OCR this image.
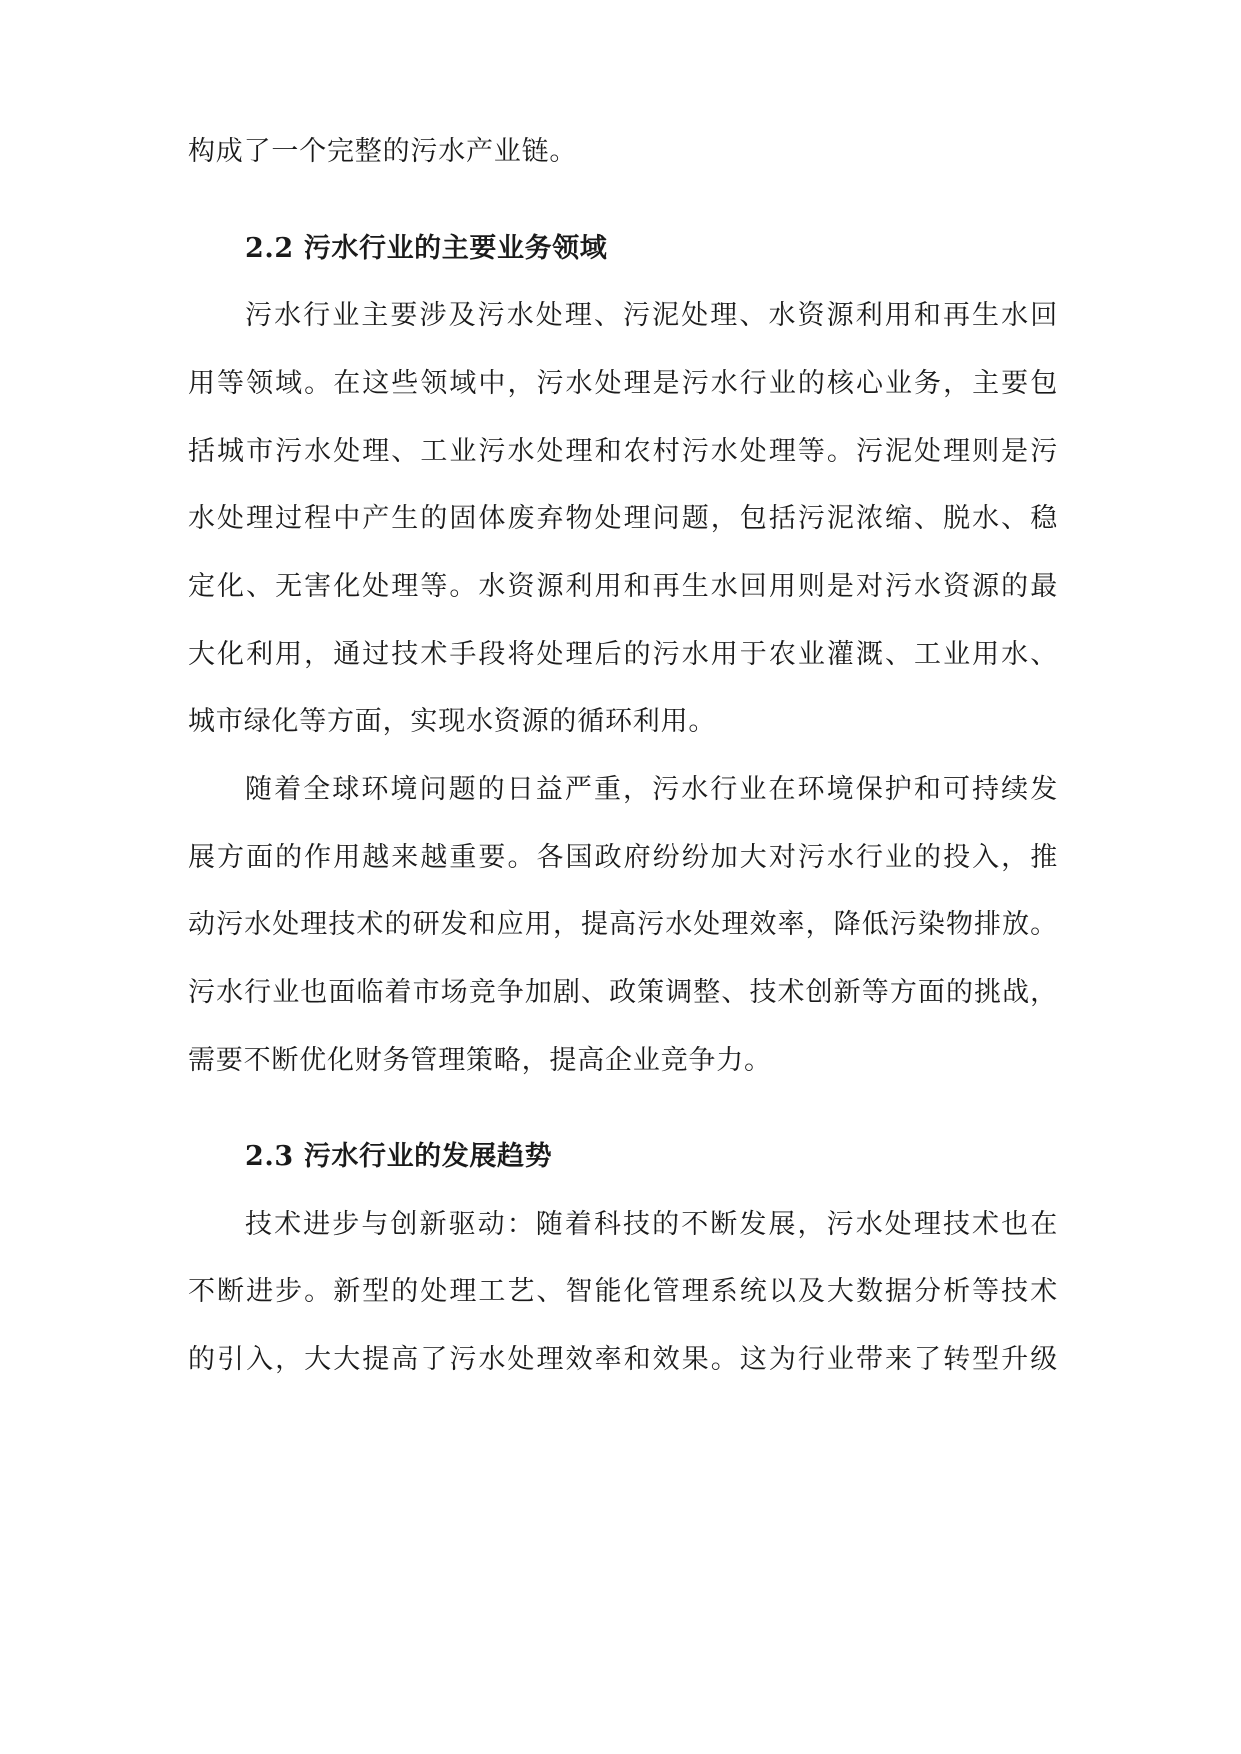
构成了一个完整的污水产业链。
2.2 污水行业的主要业务领域
污水行业主要涉及污水处理、污泥处理、水资源利用和再生水回
用等领域。在这些领域中，污水处理是污水行业的核心业务，主要包
括城市污水处理、工业污水处理和农村污水处理等。污泥处理则是污
水处理过程中产生的固体废弃物处理问题，包括污泥浓缩、脱水、稳
定化、无害化处理等。水资源利用和再生水回用则是对污水资源的最
大化利用，通过技术手段将处理后的污水用于农业灌溉、工业用水、
城市绿化等方面，实现水资源的循环利用。
随着全球环境问题的日益严重，污水行业在环境保护和可持续发
展方面的作用越来越重要。各国政府纷纷加大对污水行业的投入，推
动污水处理技术的研发和应用，提高污水处理效率，降低污染物排放。
污水行业也面临着市场竞争加剧、政策调整、技术创新等方面的挑战，
需要不断优化财务管理策略，提高企业竞争力。
2.3 污水行业的发展趋势
技术进步与创新驱动：随着科技的不断发展，污水处理技术也在
不断进步。新型的处理工艺、智能化管理系统以及大数据分析等技术
的引入，大大提高了污水处理效率和效果。这为行业带来了转型升级
